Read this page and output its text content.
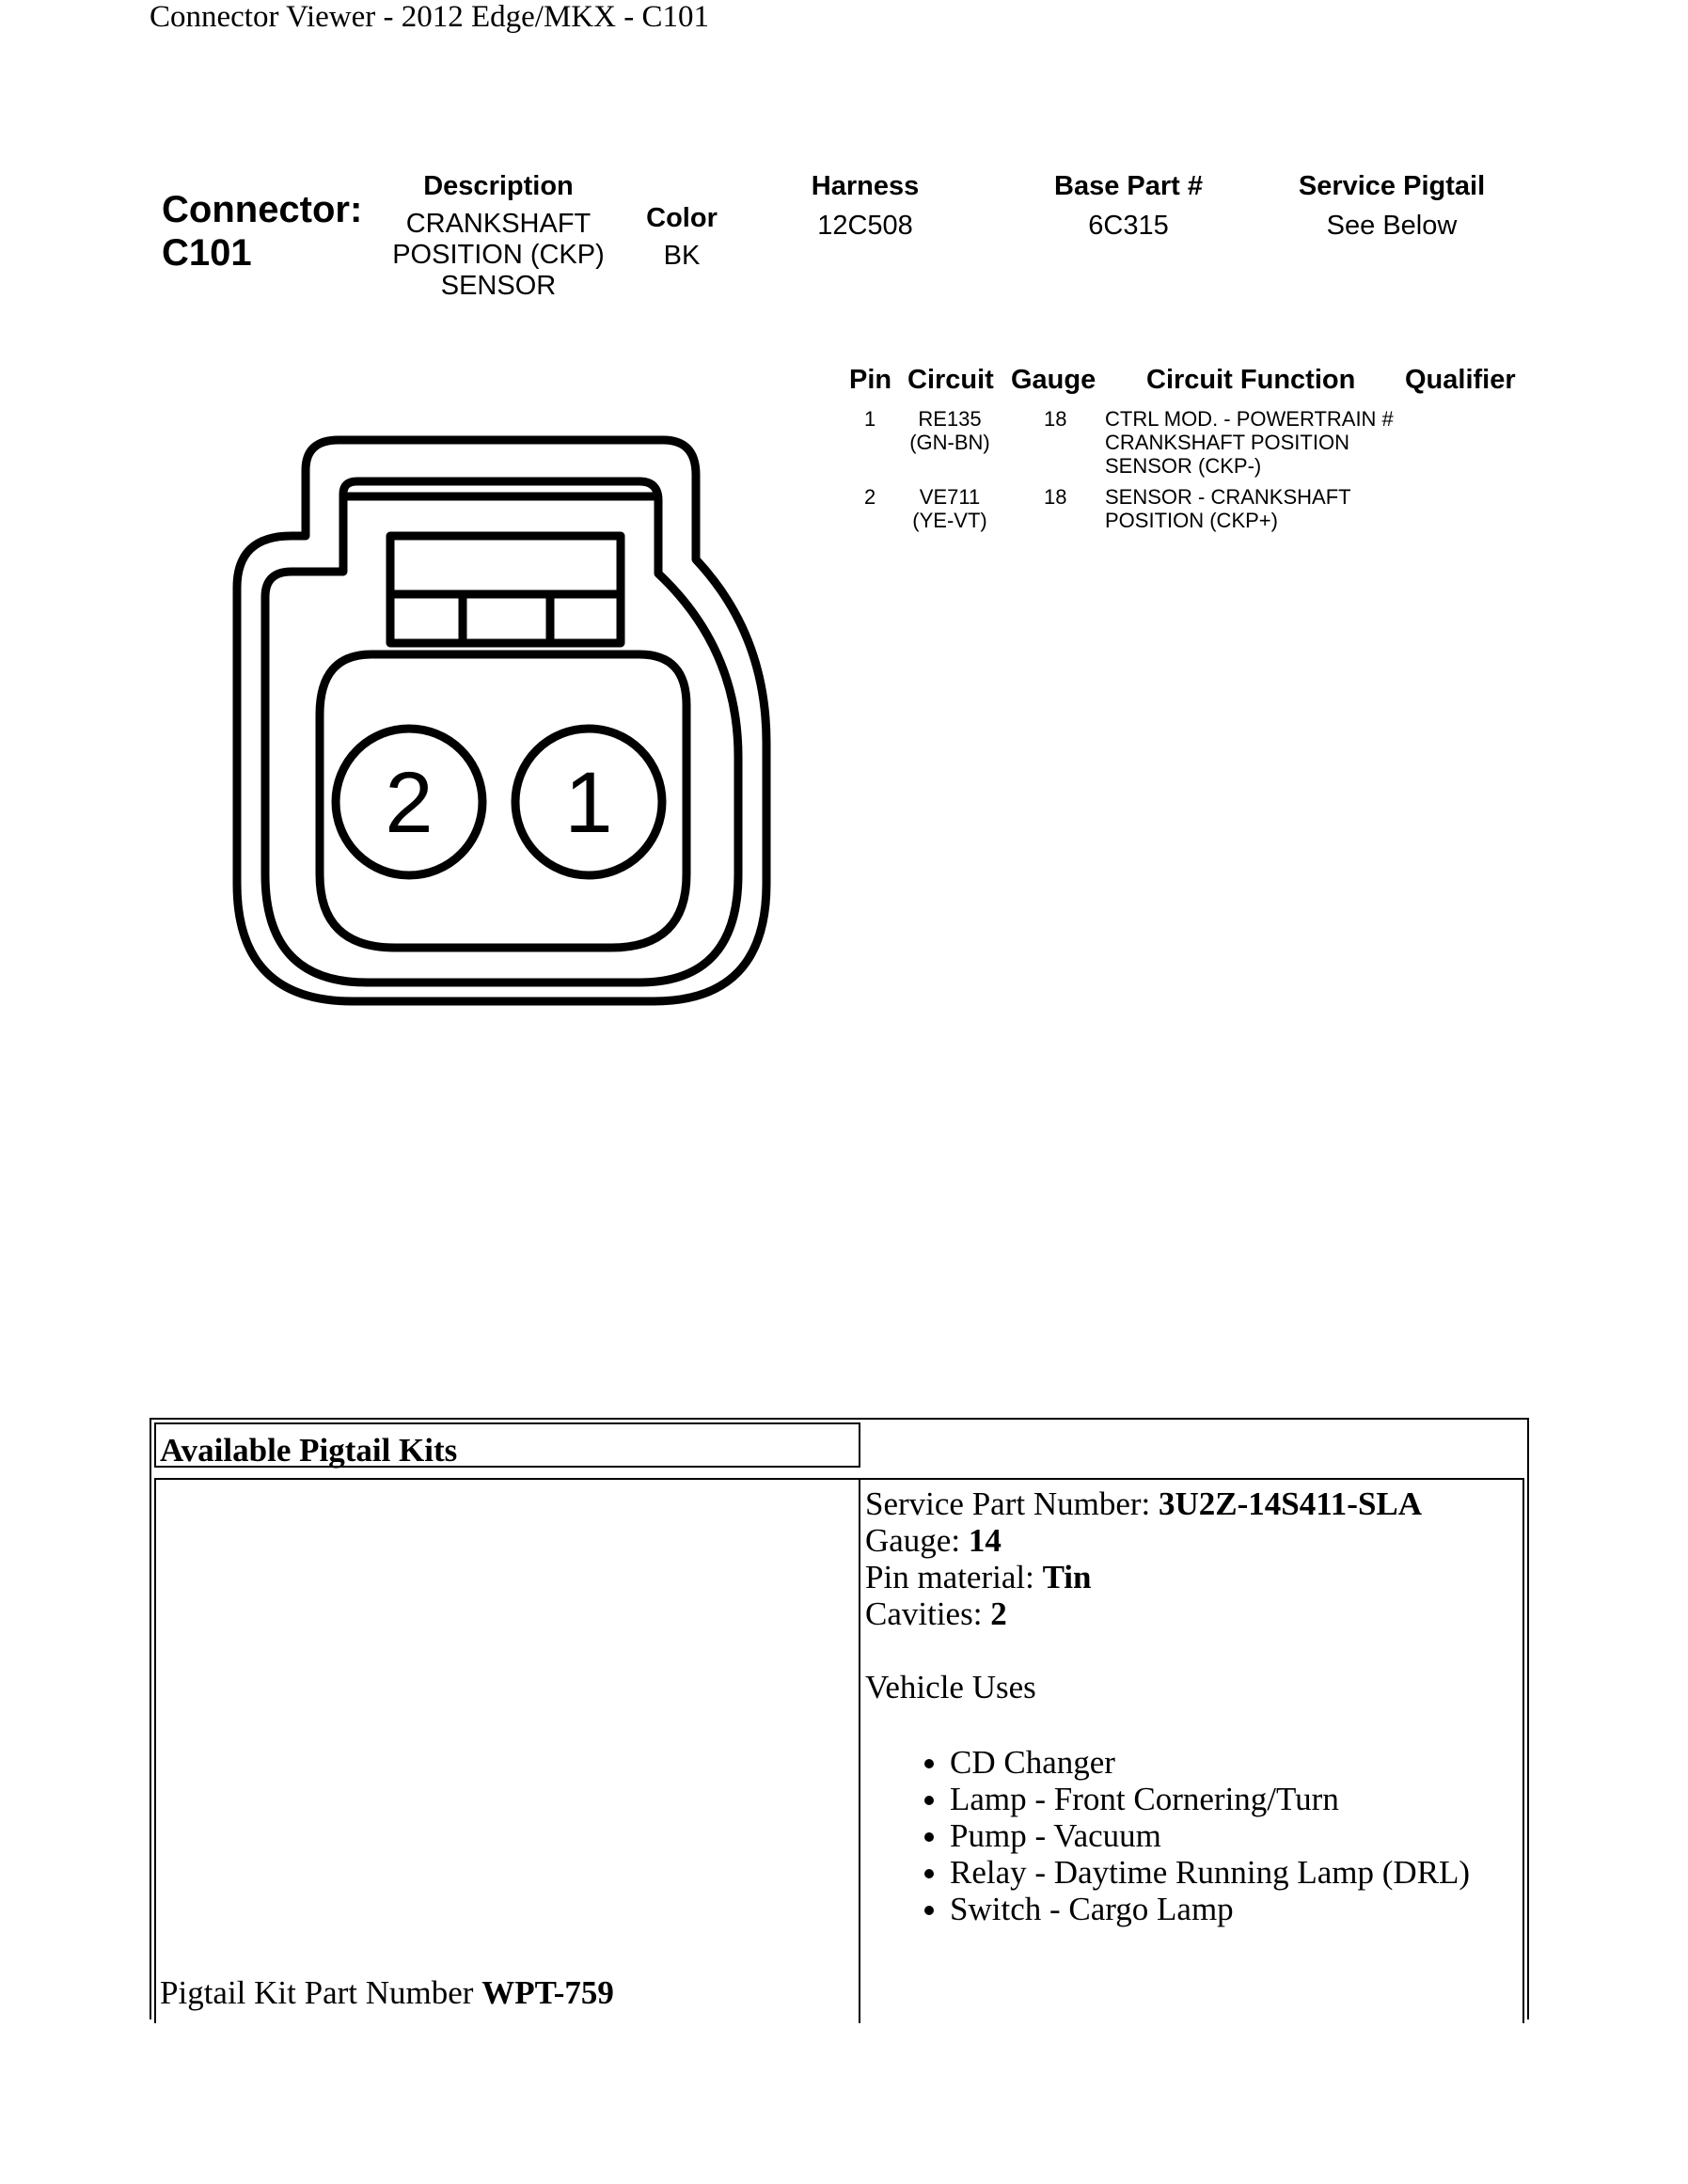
Connector Viewer - 2012 Edge/MKX - C101
Connector:
C101
Description
CRANKSHAFT
POSITION (CKP)
SENSOR
Color
BK
Harness
12C508
Base Part #
6C315
Service Pigtail
See Below
Pin Circuit Gauge Circuit Function Qualifier
1	RE135
(GN-BN)
18 CTRL MOD. - POWERTRAIN #
CRANKSHAFT POSITION
SENSOR (CKP-)
2	VE711
(YE-VT)
18 SENSOR - CRANKSHAFT
POSITION (CKP+)
2 1
Available Pigtail Kits
Pigtail Kit Part Number WPT-759
Service Part Number: 3U2Z-14S411-SLA
Gauge: 14
Pin material: Tin
Cavities: 2
Vehicle Uses
• CD Changer
• Lamp - Front Cornering/Turn
• Pump - Vacuum
• Relay - Daytime Running Lamp (DRL)
• Switch - Cargo Lamp
